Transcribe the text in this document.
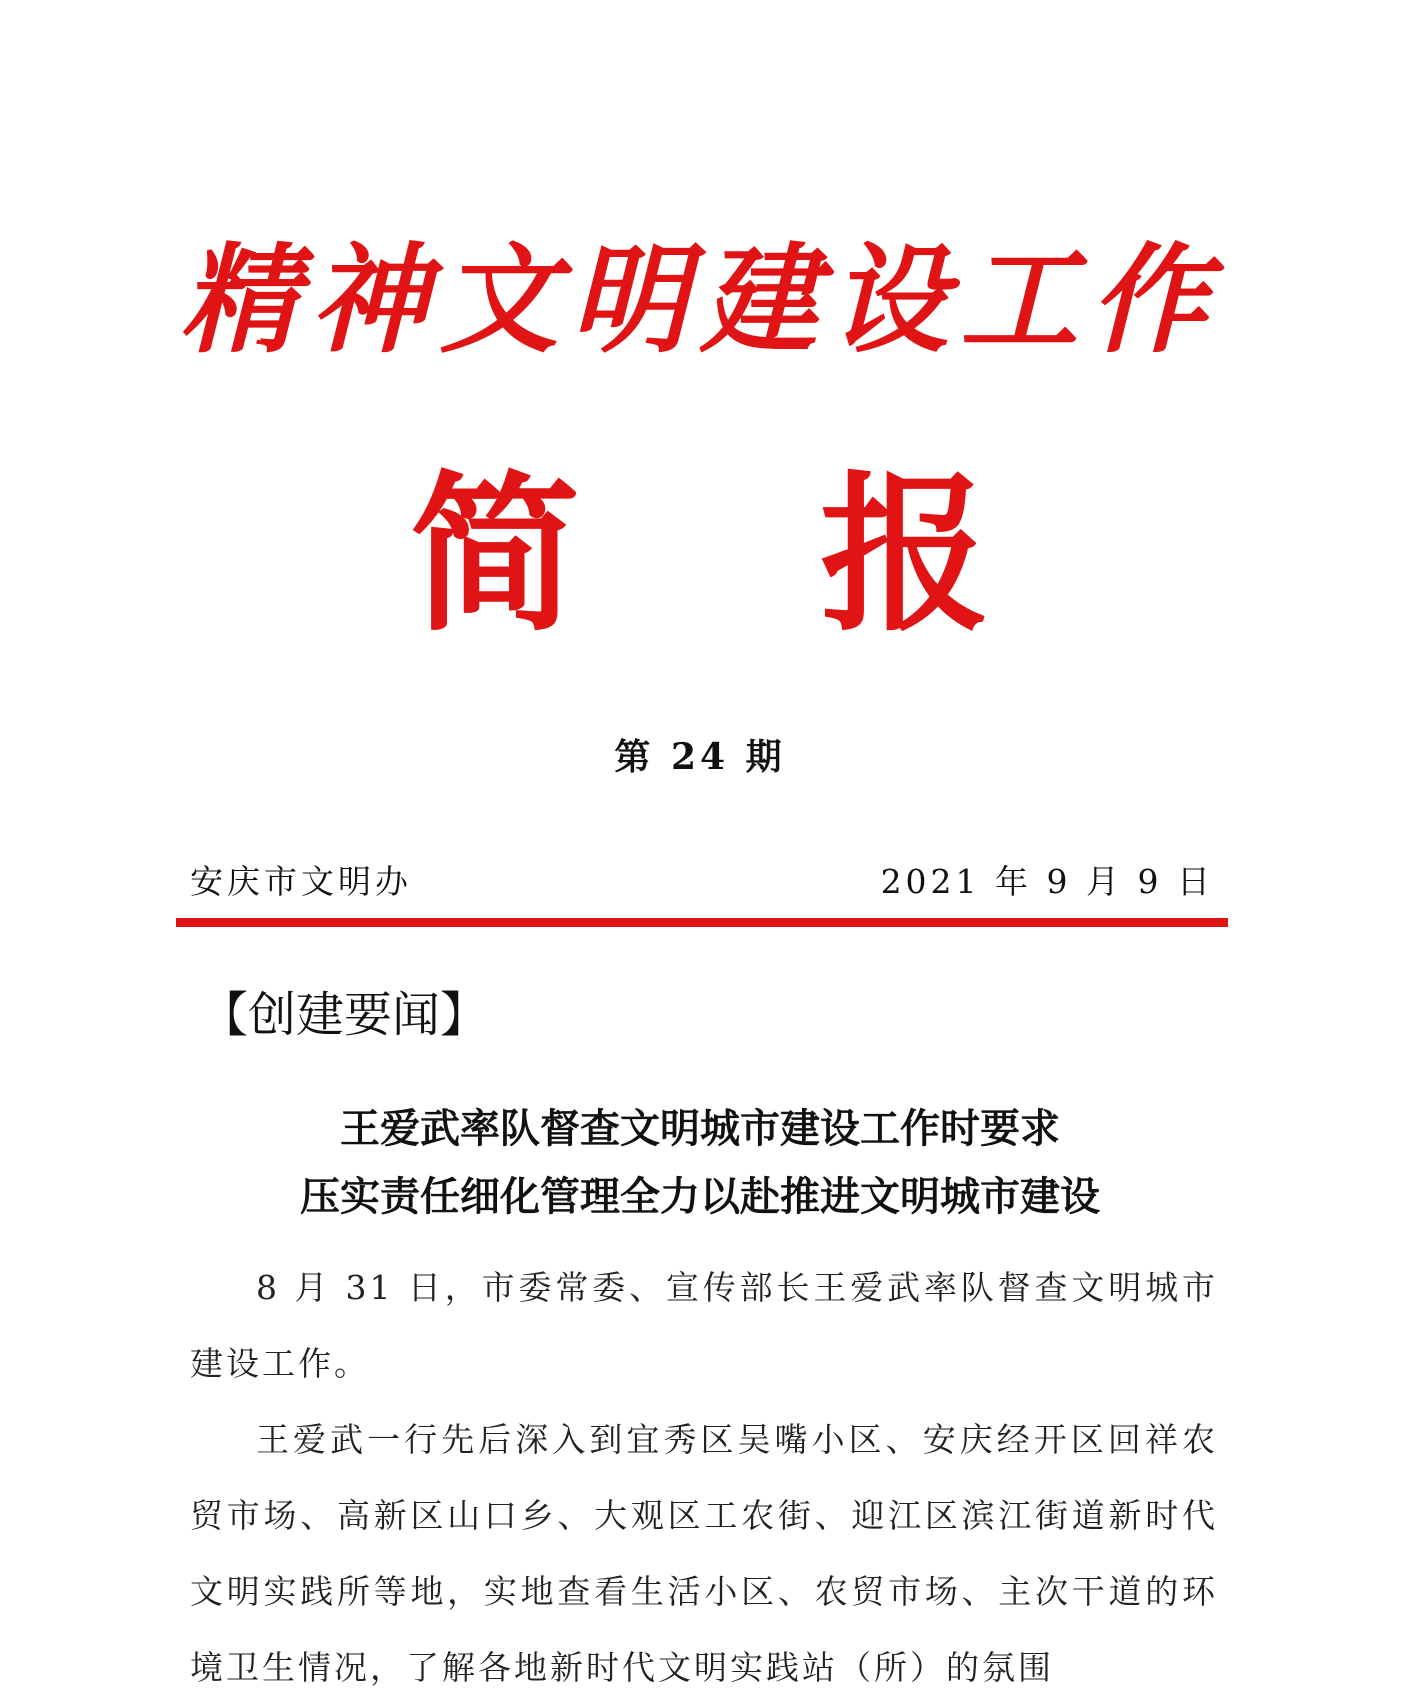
精神文明建设工作
简 报
第 24 期
安庆市文明办	2021 年 9 月 9 日
【创建要闻】
王爱武率队督查文明城市建设工作时要求
压实责任细化管理全力以赴推进文明城市建设

8 月 31 日，市委常委、宣传部长王爱武率队督查文明城市建设工作。

王爱武一行先后深入到宜秀区吴嘴小区、安庆经开区回祥农贸市场、高新区山口乡、大观区工农街、迎江区滨江街道新时代文明实践所等地，实地查看生活小区、农贸市场、主次干道的环境卫生情况，了解各地新时代文明实践站（所）的氛围
